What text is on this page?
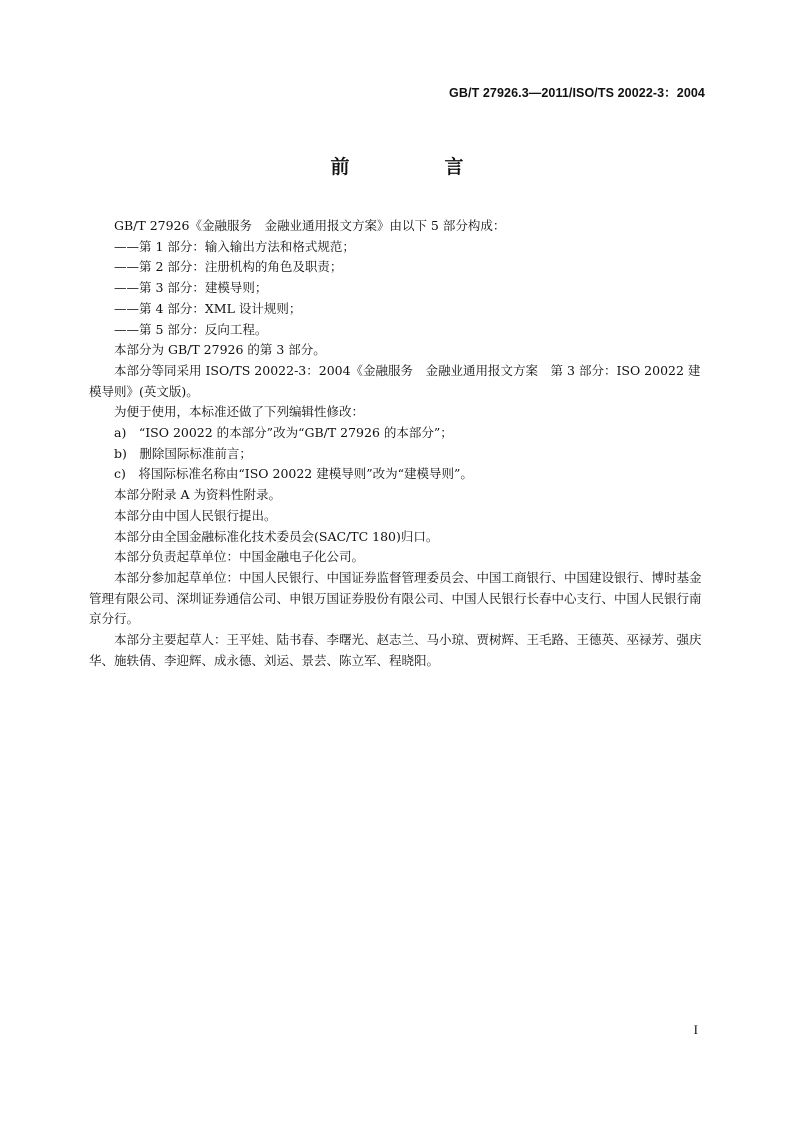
GB/T 27926.3—2011/ISO/TS 20022-3：2004
前　言
GB/T 27926《金融服务　金融业通用报文方案》由以下 5 部分构成：
——第 1 部分：输入输出方法和格式规范；
——第 2 部分：注册机构的角色及职责；
——第 3 部分：建模导则；
——第 4 部分：XML 设计规则；
——第 5 部分：反向工程。
本部分为 GB/T 27926 的第 3 部分。
本部分等同采用 ISO/TS 20022-3：2004《金融服务　金融业通用报文方案　第 3 部分：ISO 20022 建模导则》(英文版)。
为便于使用，本标准还做了下列编辑性修改：
a)　“ISO 20022 的本部分”改为“GB/T 27926 的本部分”；
b)　删除国际标准前言；
c)　将国际标准名称由“ISO 20022 建模导则”改为“建模导则”。
本部分附录 A 为资料性附录。
本部分由中国人民银行提出。
本部分由全国金融标准化技术委员会(SAC/TC 180)归口。
本部分负责起草单位：中国金融电子化公司。
本部分参加起草单位：中国人民银行、中国证券监督管理委员会、中国工商银行、中国建设银行、博时基金管理有限公司、深圳证券通信公司、申银万国证券股份有限公司、中国人民银行长春中心支行、中国人民银行南京分行。
本部分主要起草人：王平娃、陆书春、李曙光、赵志兰、马小琼、贾树辉、王毛路、王德英、巫禄芳、强庆华、施轶倩、李迎辉、成永德、刘运、景芸、陈立军、程晓阳。
I
